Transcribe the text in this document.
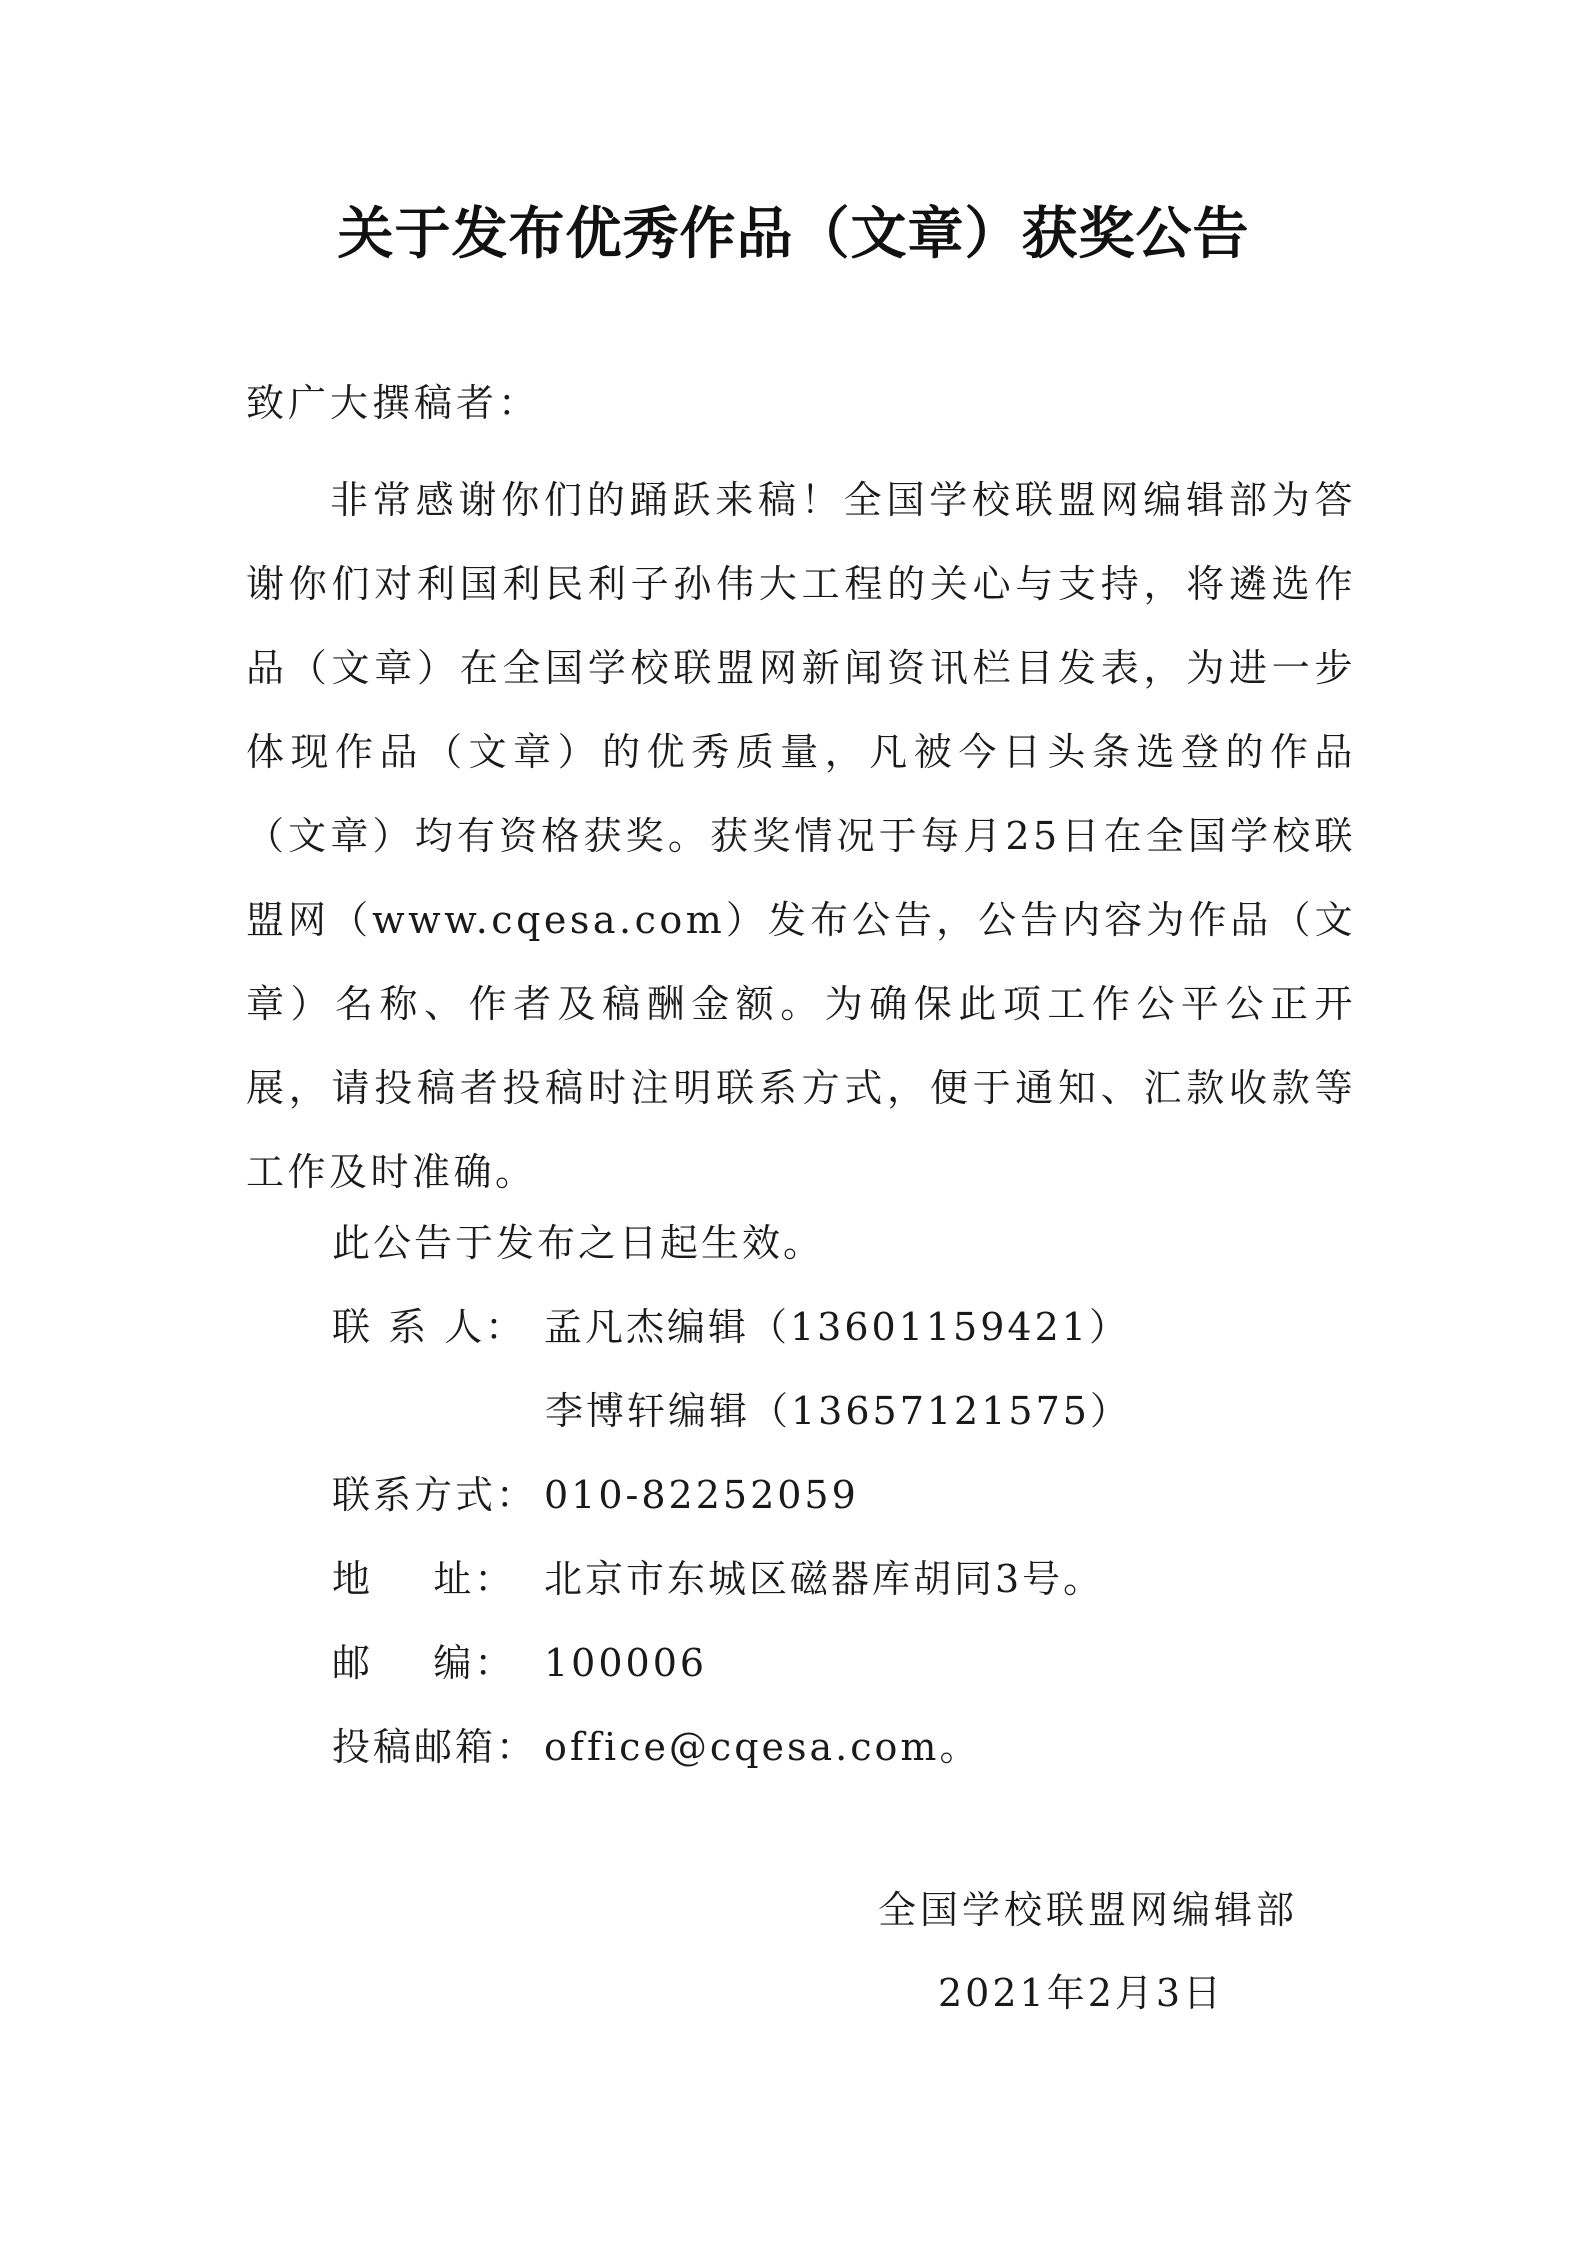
关于发布优秀作品（文章）获奖公告
致广大撰稿者：
非常感谢你们的踊跃来稿！全国学校联盟网编辑部为答谢你们对利国利民利子孙伟大工程的关心与支持，将遴选作品（文章）在全国学校联盟网新闻资讯栏目发表，为进一步体现作品（文章）的优秀质量，凡被今日头条选登的作品（文章）均有资格获奖。获奖情况于每月25日在全国学校联盟网（www.cqesa.com）发布公告，公告内容为作品（文章）名称、作者及稿酬金额。为确保此项工作公平公正开展，请投稿者投稿时注明联系方式，便于通知、汇款收款等工作及时准确。
此公告于发布之日起生效。
联 系 人： 孟凡杰编辑（13601159421）
李博轩编辑（13657121575）
联系方式： 010-82252059
地    址： 北京市东城区磁器库胡同3号。
邮    编： 100006
投稿邮箱： office@cqesa.com。
全国学校联盟网编辑部
2021年2月3日
